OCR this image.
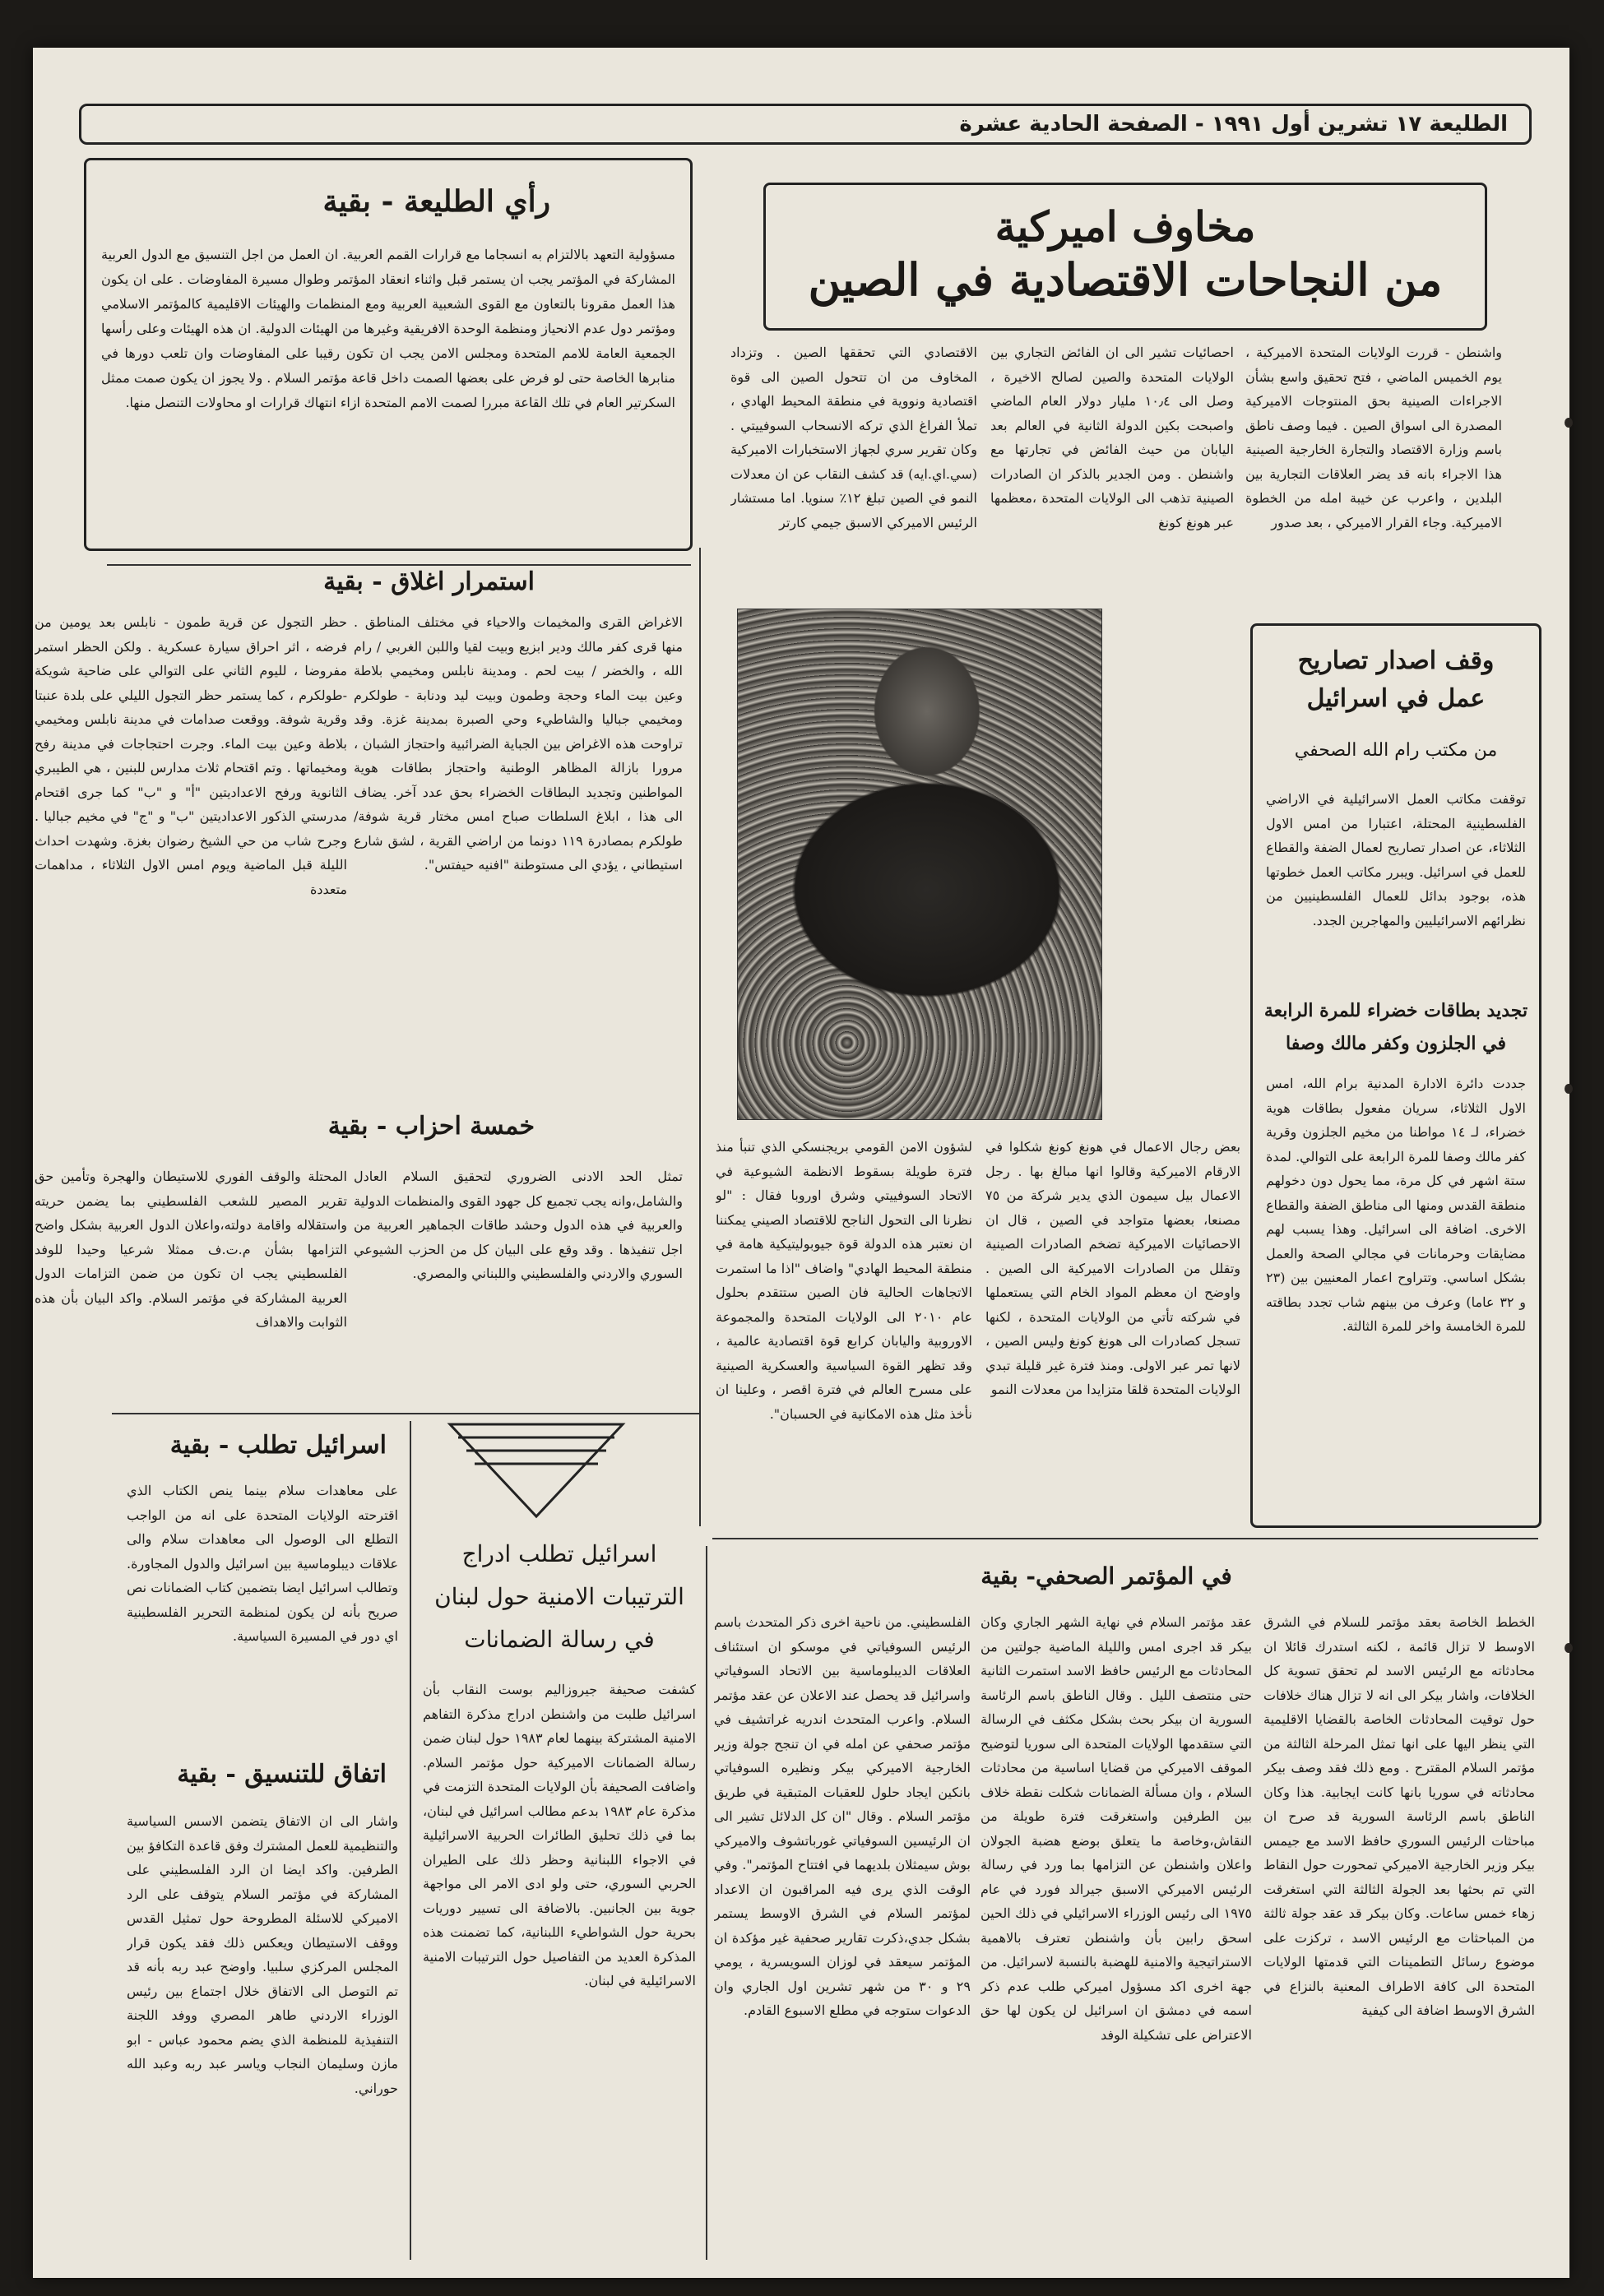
الطليعة ١٧ تشرين أول ١٩٩١ - الصفحة الحادية عشرة
مخاوف اميركية
من النجاحات الاقتصادية في الصين
واشنطن - قررت الولايات المتحدة الاميركية ، يوم الخميس الماضي ، فتح تحقيق واسع بشأن الاجراءات الصينية بحق المنتوجات الاميركية المصدرة الى اسواق الصين . فيما وصف ناطق باسم وزارة الاقتصاد والتجارة الخارجية الصينية هذا الاجراء بانه قد يضر العلاقات التجارية بين البلدين ، واعرب عن خيبة امله من الخطوة الاميركية. وجاء القرار الاميركي ، بعد صدور
احصائيات تشير الى ان الفائض التجاري بين الولايات المتحدة والصين لصالح الاخيرة ، وصل الى ١٠٫٤ مليار دولار العام الماضي واصبحت بكين الدولة الثانية في العالم بعد اليابان من حيث الفائض في تجارتها مع واشنطن . ومن الجدير بالذكر ان الصادرات الصينية تذهب الى الولايات المتحدة ،معظمها عبر هونغ كونغ
الاقتصادي التي تحققها الصين . وتزداد المخاوف من ان تتحول الصين الى قوة اقتصادية ونووية في منطقة المحيط الهادي ، تملأ الفراغ الذي تركه الانسحاب السوفييتي . وكان تقرير سري لجهاز الاستخبارات الاميركية (سي.اي.ايه) قد كشف النقاب عن ان معدلات النمو في الصين تبلغ ١٢٪ سنويا. اما مستشار الرئيس الاميركي الاسبق جيمي كارتر
بعض رجال الاعمال في هونغ كونغ شكلوا في الارقام الاميركية وقالوا انها مبالغ بها . رجل الاعمال بيل سيمون الذي يدير شركة من ٧٥ مصنعا، بعضها متواجد في الصين ، قال ان الاحصائيات الاميركية تضخم الصادرات الصينية وتقلل من الصادرات الاميركية الى الصين . واوضح ان معظم المواد الخام التي يستعملها في شركته تأتي من الولايات المتحدة ، لكنها تسجل كصادرات الى هونغ كونغ وليس الصين ، لانها تمر عبر الاولى. ومنذ فترة غير قليلة تبدي الولايات المتحدة قلقا متزايدا من معدلات النمو
لشؤون الامن القومي بريجنسكي الذي تنبأ منذ فترة طويلة بسقوط الانظمة الشيوعية في الاتحاد السوفييتي وشرق اوروبا فقال : "لو نظرنا الى التحول الناجح للاقتصاد الصيني يمكننا ان نعتبر هذه الدولة قوة جيوبوليتيكية هامة في منطقة المحيط الهادي" واضاف "اذا ما استمرت الاتجاهات الحالية فان الصين ستتقدم بحلول عام ٢٠١٠ الى الولايات المتحدة والمجموعة الاوروبية واليابان كرابع قوة اقتصادية عالمية ، وقد تظهر القوة السياسية والعسكرية الصينية على مسرح العالم في فترة اقصر ، وعلينا ان نأخذ مثل هذه الامكانية في الحسبان".
رأي الطليعة - بقية
مسؤولية التعهد بالالتزام به انسجاما مع قرارات القمم العربية. ان العمل من اجل التنسيق مع الدول العربية المشاركة في المؤتمر يجب ان يستمر قبل واثناء انعقاد المؤتمر وطوال مسيرة المفاوضات . على ان يكون هذا العمل مقرونا بالتعاون مع القوى الشعبية العربية ومع المنظمات والهيئات الاقليمية كالمؤتمر الاسلامي ومؤتمر دول عدم الانحياز ومنظمة الوحدة الافريقية وغيرها من الهيئات الدولية. ان هذه الهيئات وعلى رأسها الجمعية العامة للامم المتحدة ومجلس الامن يجب ان تكون رقيبا على المفاوضات وان تلعب دورها في منابرها الخاصة حتى لو فرض على بعضها الصمت داخل قاعة مؤتمر السلام . ولا يجوز ان يكون صمت ممثل السكرتير العام في تلك القاعة مبررا لصمت الامم المتحدة ازاء انتهاك قرارات او محاولات التنصل منها.
استمرار اغلاق - بقية
الاغراض القرى والمخيمات والاحياء في مختلف المناطق . منها قرى كفر مالك ودير ابزيع وبيت لقيا واللبن الغربي / رام الله ، والخضر / بيت لحم . ومدينة نابلس ومخيمي بلاطة وعين بيت الماء وحجة وطمون وبيت ليد ودنابة - طولكرم ومخيمي جباليا والشاطيء وحي الصبرة بمدينة غزة. وقد تراوحت هذه الاغراض بين الجباية الضرائبية واحتجاز الشبان ، مرورا بازالة المظاهر الوطنية واحتجاز بطاقات هوية المواطنين وتجديد البطاقات الخضراء بحق عدد آخر. يضاف الى هذا ، ابلاغ السلطات صباح امس مختار قرية شوفة/ طولكرم بمصادرة ١١٩ دونما من اراضي القرية ، لشق شارع استيطاني ، يؤدي الى مستوطنة "افنيه حيفتس".
حظر التجول عن قرية طمون - نابلس بعد يومين من فرضه ، اثر احراق سيارة عسكرية . ولكن الحظر استمر مفروضا ، لليوم الثاني على التوالي على ضاحية شويكة -طولكرم ، كما يستمر حظر التجول الليلي على بلدة عنبتا وقرية شوفة. ووقعت صدامات في مدينة نابلس ومخيمي بلاطة وعين بيت الماء. وجرت احتجاجات في مدينة رفح ومخيماتها . وتم اقتحام ثلاث مدارس للبنين ، هي الطيبري الثانوية ورفح الاعداديتين "أ" و "ب" كما جرى اقتحام مدرستي الذكور الاعداديتين "ب" و "ج" في مخيم جباليا . وجرح شاب من حي الشيخ رضوان بغزة. وشهدت احداث الليلة قبل الماضية ويوم امس الاول الثلاثاء ، مداهمات متعددة
خمسة احزاب - بقية
تمثل الحد الادنى الضروري لتحقيق السلام العادل والشامل،وانه يجب تجميع كل جهود القوى والمنظمات الدولية والعربية في هذه الدول وحشد طاقات الجماهير العربية من اجل تنفيذها . وقد وقع على البيان كل من الحزب الشيوعي السوري والاردني والفلسطيني واللبناني والمصري.
المحتلة والوقف الفوري للاستيطان والهجرة وتأمين حق تقرير المصير للشعب الفلسطيني بما يضمن حريته واستقلاله واقامة دولته،واعلان الدول العربية بشكل واضح التزامها بشأن م.ت.ف ممثلا شرعيا وحيدا للوفد الفلسطيني يجب ان تكون من ضمن التزامات الدول العربية المشاركة في مؤتمر السلام. واكد البيان بأن هذه الثوابت والاهداف
اسرائيل تطلب - بقية
على معاهدات سلام بينما ينص الكتاب الذي اقترحته الولايات المتحدة على انه من الواجب التطلع الى الوصول الى معاهدات سلام والى علاقات ديبلوماسية بين اسرائيل والدول المجاورة. وتطالب اسرائيل ايضا بتضمين كتاب الضمانات نص صريح بأنه لن يكون لمنظمة التحرير الفلسطينية اي دور في المسيرة السياسية.
اتفاق للتنسيق - بقية
واشار الى ان الاتفاق يتضمن الاسس السياسية والتنظيمية للعمل المشترك وفق قاعدة التكافؤ بين الطرفين. واكد ايضا ان الرد الفلسطيني على المشاركة في مؤتمر السلام يتوقف على الرد الاميركي للاسئلة المطروحة حول تمثيل القدس ووقف الاستيطان ويعكس ذلك فقد يكون قرار المجلس المركزي سلبيا. واوضح عبد ربه بأنه قد تم التوصل الى الاتفاق خلال اجتماع بين رئيس الوزراء الاردني طاهر المصري ووفد اللجنة التنفيذية للمنظمة الذي يضم محمود عباس - ابو مازن وسليمان النجاب وياسر عبد ربه وعبد الله حوراني.
اسرائيل تطلب ادراج
الترتيبات الامنية حول لبنان
في رسالة الضمانات
كشفت صحيفة جيروزاليم بوست النقاب بأن اسرائيل طلبت من واشنطن ادراج مذكرة التفاهم الامنية المشتركة بينهما لعام ١٩٨٣ حول لبنان ضمن رسالة الضمانات الاميركية حول مؤتمر السلام. واضافت الصحيفة بأن الولايات المتحدة التزمت في مذكرة عام ١٩٨٣ بدعم مطالب اسرائيل في لبنان، بما في ذلك تحليق الطائرات الحربية الاسرائيلية في الاجواء اللبنانية وحظر ذلك على الطيران الحربي السوري، حتى ولو ادى الامر الى مواجهة جوية بين الجانبين. بالاضافة الى تسيير دوريات بحرية حول الشواطيء اللبنانية، كما تضمنت هذه المذكرة العديد من التفاصيل حول الترتيبات الامنية الاسرائيلية في لبنان.
وقف اصدار تصاريح
عمل في اسرائيل
من مكتب رام الله الصحفي
توقفت مكاتب العمل الاسرائيلية في الاراضي الفلسطينية المحتلة، اعتبارا من امس الاول الثلاثاء، عن اصدار تصاريح لعمال الضفة والقطاع للعمل في اسرائيل. ويبرر مكاتب العمل خطوتها هذه، بوجود بدائل للعمال الفلسطينيين من نظرائهم الاسرائيليين والمهاجرين الجدد.
تجديد بطاقات خضراء للمرة الرابعة
في الجلزون وكفر مالك وصفا
جددت دائرة الادارة المدنية برام الله، امس الاول الثلاثاء، سريان مفعول بطاقات هوية خضراء، لـ ١٤ مواطنا من مخيم الجلزون وقرية كفر مالك وصفا للمرة الرابعة على التوالي. لمدة ستة اشهر في كل مرة، مما يحول دون دخولهم منطقة القدس ومنها الى مناطق الضفة والقطاع الاخرى. اضافة الى اسرائيل. وهذا يسبب لهم مضايقات وحرمانات في مجالي الصحة والعمل بشكل اساسي. وتتراوح اعمار المعنيين بين (٢٣ و ٣٢ عاما) وعرف من بينهم شاب تجدد بطاقته للمرة الخامسة واخر للمرة الثالثة.
في المؤتمر الصحفي- بقية
الخطط الخاصة بعقد مؤتمر للسلام في الشرق الاوسط لا تزال قائمة ، لكنه استدرك قائلا ان محادثاته مع الرئيس الاسد لم تحقق تسوية كل الخلافات، واشار بيكر الى انه لا تزال هناك خلافات حول توقيت المحادثات الخاصة بالقضايا الاقليمية التي ينظر اليها على انها تمثل المرحلة الثالثة من مؤتمر السلام المقترح . ومع ذلك فقد وصف بيكر محادثاته في سوريا بانها كانت ايجابية. هذا وكان الناطق باسم الرئاسة السورية قد صرح ان مباحثات الرئيس السوري حافظ الاسد مع جيمس بيكر وزير الخارجية الاميركي تمحورت حول النقاط التي تم بحثها بعد الجولة الثالثة التي استغرقت زهاء خمس ساعات. وكان بيكر قد عقد جولة ثالثة من المباحثات مع الرئيس الاسد ، تركزت على موضوع رسائل التطمينات التي قدمتها الولايات المتحدة الى كافة الاطراف المعنية بالنزاع في الشرق الاوسط اضافة الى كيفية
عقد مؤتمر السلام في نهاية الشهر الجاري وكان بيكر قد اجرى امس والليلة الماضية جولتين من المحادثات مع الرئيس حافظ الاسد استمرت الثانية حتى منتصف الليل . وقال الناطق باسم الرئاسة السورية ان بيكر بحث بشكل مكثف في الرسالة التي ستقدمها الولايات المتحدة الى سوريا لتوضيح الموقف الاميركي من قضايا اساسية من محادثات السلام ، وان مسألة الضمانات شكلت نقطة خلاف بين الطرفين واستغرقت فترة طويلة من النقاش،وخاصة ما يتعلق بوضع هضبة الجولان واعلان واشنطن عن التزامها بما ورد في رسالة الرئيس الاميركي الاسبق جيرالد فورد في عام ١٩٧٥ الى رئيس الوزراء الاسرائيلي في ذلك الحين اسحق رابين بأن واشنطن تعترف بالاهمية الاستراتيجية والامنية للهضبة بالنسبة لاسرائيل. من جهة اخرى اكد مسؤول اميركي طلب عدم ذكر اسمه في دمشق ان اسرائيل لن يكون لها حق الاعتراض على تشكيلة الوفد
الفلسطيني. من ناحية اخرى ذكر المتحدث باسم الرئيس السوفياتي في موسكو ان استئناف العلاقات الديبلوماسية بين الاتحاد السوفياتي واسرائيل قد يحصل عند الاعلان عن عقد مؤتمر السلام. واعرب المتحدث اندريه غراتشيف في مؤتمر صحفي عن امله في ان تنجح جولة وزير الخارجية الاميركي بيكر ونظيره السوفياتي بانكين ايجاد حلول للعقبات المتبقية في طريق مؤتمر السلام . وقال "ان كل الدلائل تشير الى ان الرئيسين السوفياتي غورباتشوف والاميركي بوش سيمثلان بلديهما في افتتاح المؤتمر". وفي الوقت الذي يرى فيه المراقبون ان الاعداد لمؤتمر السلام في الشرق الاوسط يستمر بشكل جدي،ذكرت تقارير صحفية غير مؤكدة ان المؤتمر سيعقد في لوزان السويسرية ، يومي ٢٩ و ٣٠ من شهر تشرين اول الجاري وان الدعوات ستوجه في مطلع الاسبوع القادم.
